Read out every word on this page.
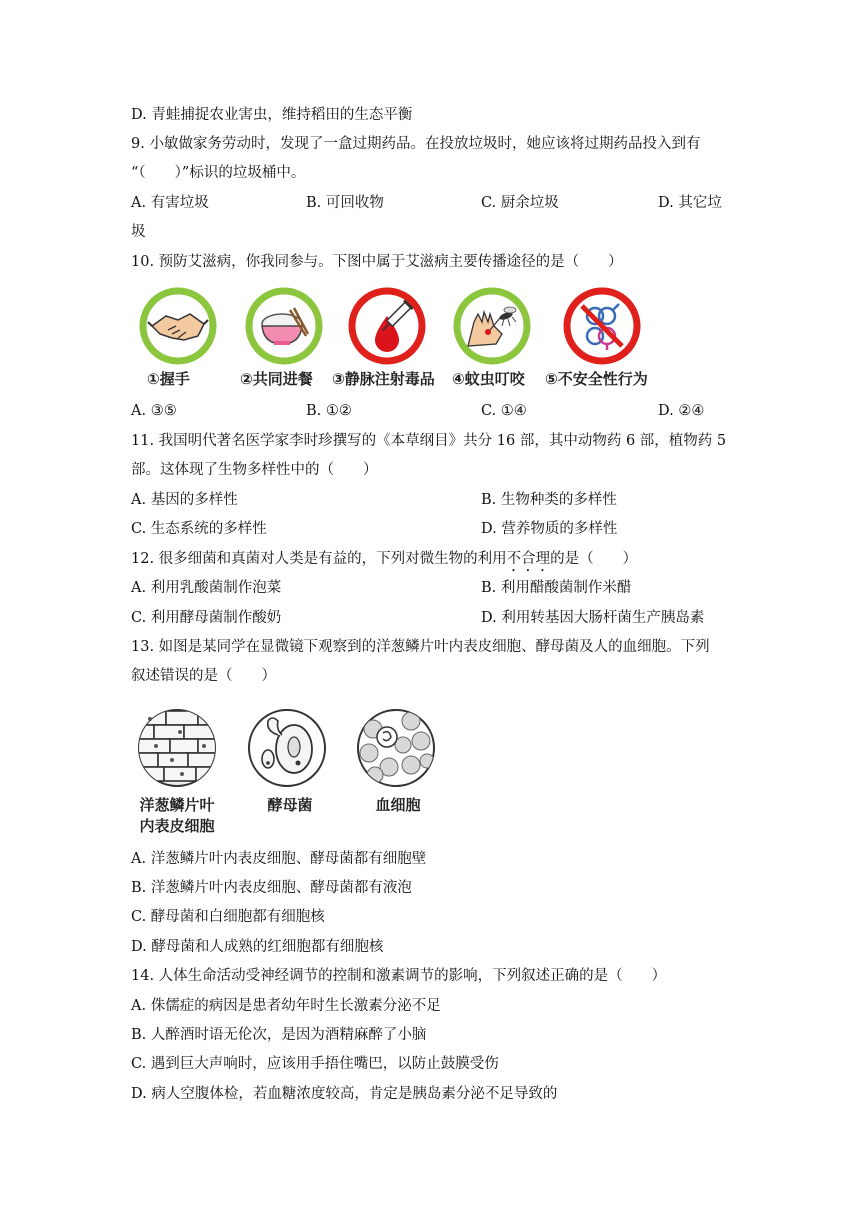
D. 青蛙捕捉农业害虫，维持稻田的生态平衡
9. 小敏做家务劳动时，发现了一盒过期药品。在投放垃圾时，她应该将过期药品投入到有
“（　　）”标识的垃圾桶中。
A. 有害垃圾	B. 可回收物	C. 厨余垃圾	D. 其它垃
圾
10. 预防艾滋病，你我同参与。下图中属于艾滋病主要传播途径的是（　　）
①握手	②共同进餐 ③静脉注射毒品 ④蚊虫叮咬 ⑤不安全性行为
A. ③⑤	B. ①②	C. ①④	D. ②④
11. 我国明代著名医学家李时珍撰写的《本草纲目》共分 16 部，其中动物药 6 部，植物药 5
部。这体现了生物多样性中的（　　）
A. 基因的多样性	B. 生物种类的多样性
C. 生态系统的多样性	D. 营养物质的多样性
12. 很多细菌和真菌对人类是有益的，下列对微生物的利用不合理的是（　　）
A. 利用乳酸菌制作泡菜	B. 利用醋酸菌制作米醋
C. 利用酵母菌制作酸奶	D. 利用转基因大肠杆菌生产胰岛素
13. 如图是某同学在显微镜下观察到的洋葱鳞片叶内表皮细胞、酵母菌及人的血细胞。下列
叙述错误的是（　　）
洋葱鳞片叶
内表皮细胞
酵母菌	血细胞
A. 洋葱鳞片叶内表皮细胞、酵母菌都有细胞壁
B. 洋葱鳞片叶内表皮细胞、酵母菌都有液泡
C. 酵母菌和白细胞都有细胞核
D. 酵母菌和人成熟的红细胞都有细胞核
14. 人体生命活动受神经调节的控制和激素调节的影响，下列叙述正确的是（　　）
A. 侏儒症的病因是患者幼年时生长激素分泌不足
B. 人醉酒时语无伦次，是因为酒精麻醉了小脑
C. 遇到巨大声响时，应该用手捂住嘴巴，以防止鼓膜受伤
D. 病人空腹体检，若血糖浓度较高，肯定是胰岛素分泌不足导致的
